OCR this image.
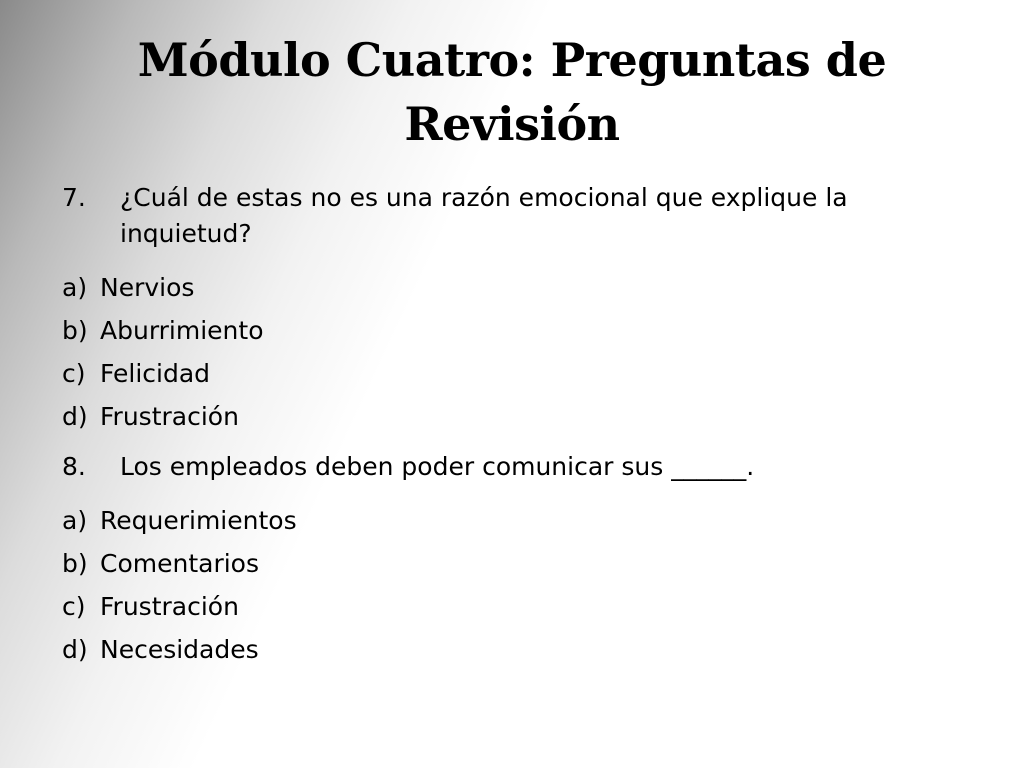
Módulo Cuatro: Preguntas de Revisión
7.	¿Cuál de estas no es una razón emocional que explique la inquietud?
a) Nervios
b) Aburrimiento
c) Felicidad
d) Frustración
8.	Los empleados deben poder comunicar sus ______.
a) Requerimientos
b) Comentarios
c) Frustración
d) Necesidades
